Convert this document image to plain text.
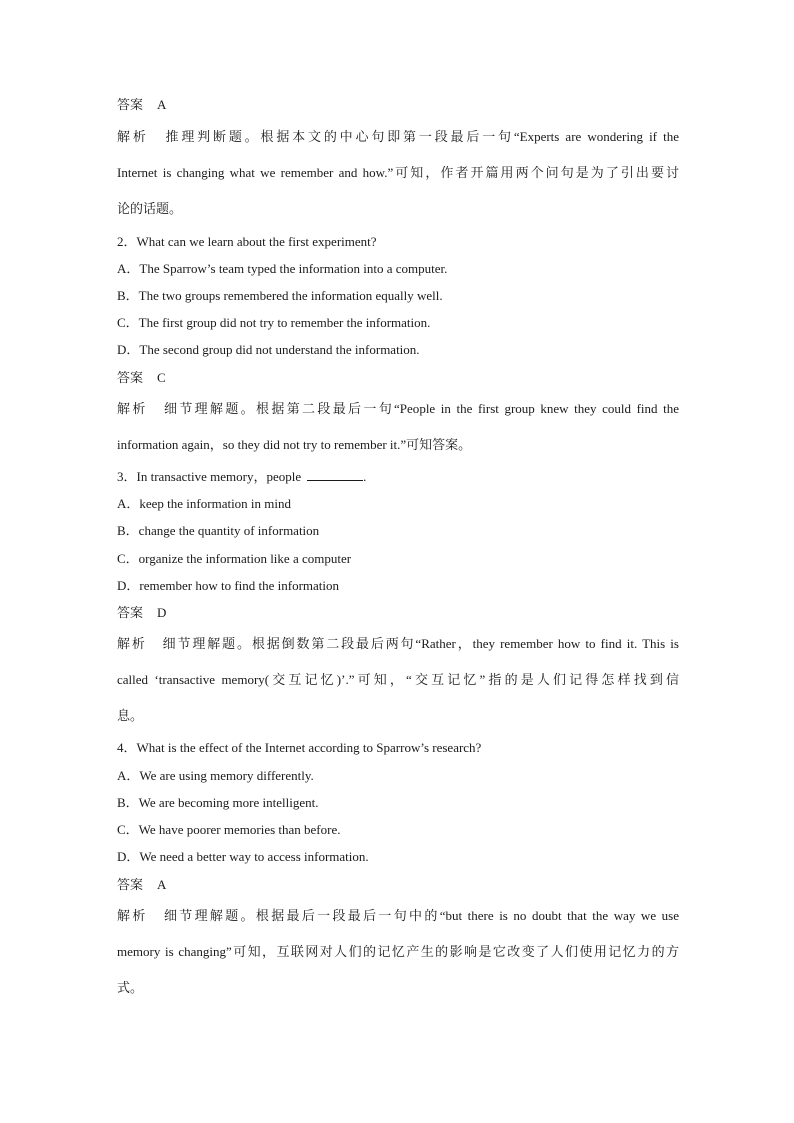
答案 A
解析 推理判断题。根据本文的中心句即第一段最后一句“Experts are wondering if the
Internet is changing what we remember and how.”可知，作者开篇用两个问句是为了引出要讨
论的话题。
2．What can we learn about the first experiment?
A．The Sparrow’s team typed the information into a computer.
B．The two groups remembered the information equally well.
C．The first group did not try to remember the information.
D．The second group did not understand the information.
答案 C
解析 细节理解题。根据第二段最后一句“People in the first group knew they could find the
information again，so they did not try to remember it.”可知答案。
3．In transactive memory，people	.
A．keep the information in mind
B．change the quantity of information
C．organize the information like a computer
D．remember how to find the information
答案 D
解析 细节理解题。根据倒数第二段最后两句“Rather，they remember how to find it. This is
called ‘transactive memory(交互记忆)’.”可知，“交互记忆”指的是人们记得怎样找到信
息。
4．What is the effect of the Internet according to Sparrow’s research?
A．We are using memory differently.
B．We are becoming more intelligent.
C．We have poorer memories than before.
D．We need a better way to access information.
答案 A
解析 细节理解题。根据最后一段最后一句中的“but there is no doubt that the way we use
memory is changing”可知，互联网对人们的记忆产生的影响是它改变了人们使用记忆力的方
式。
